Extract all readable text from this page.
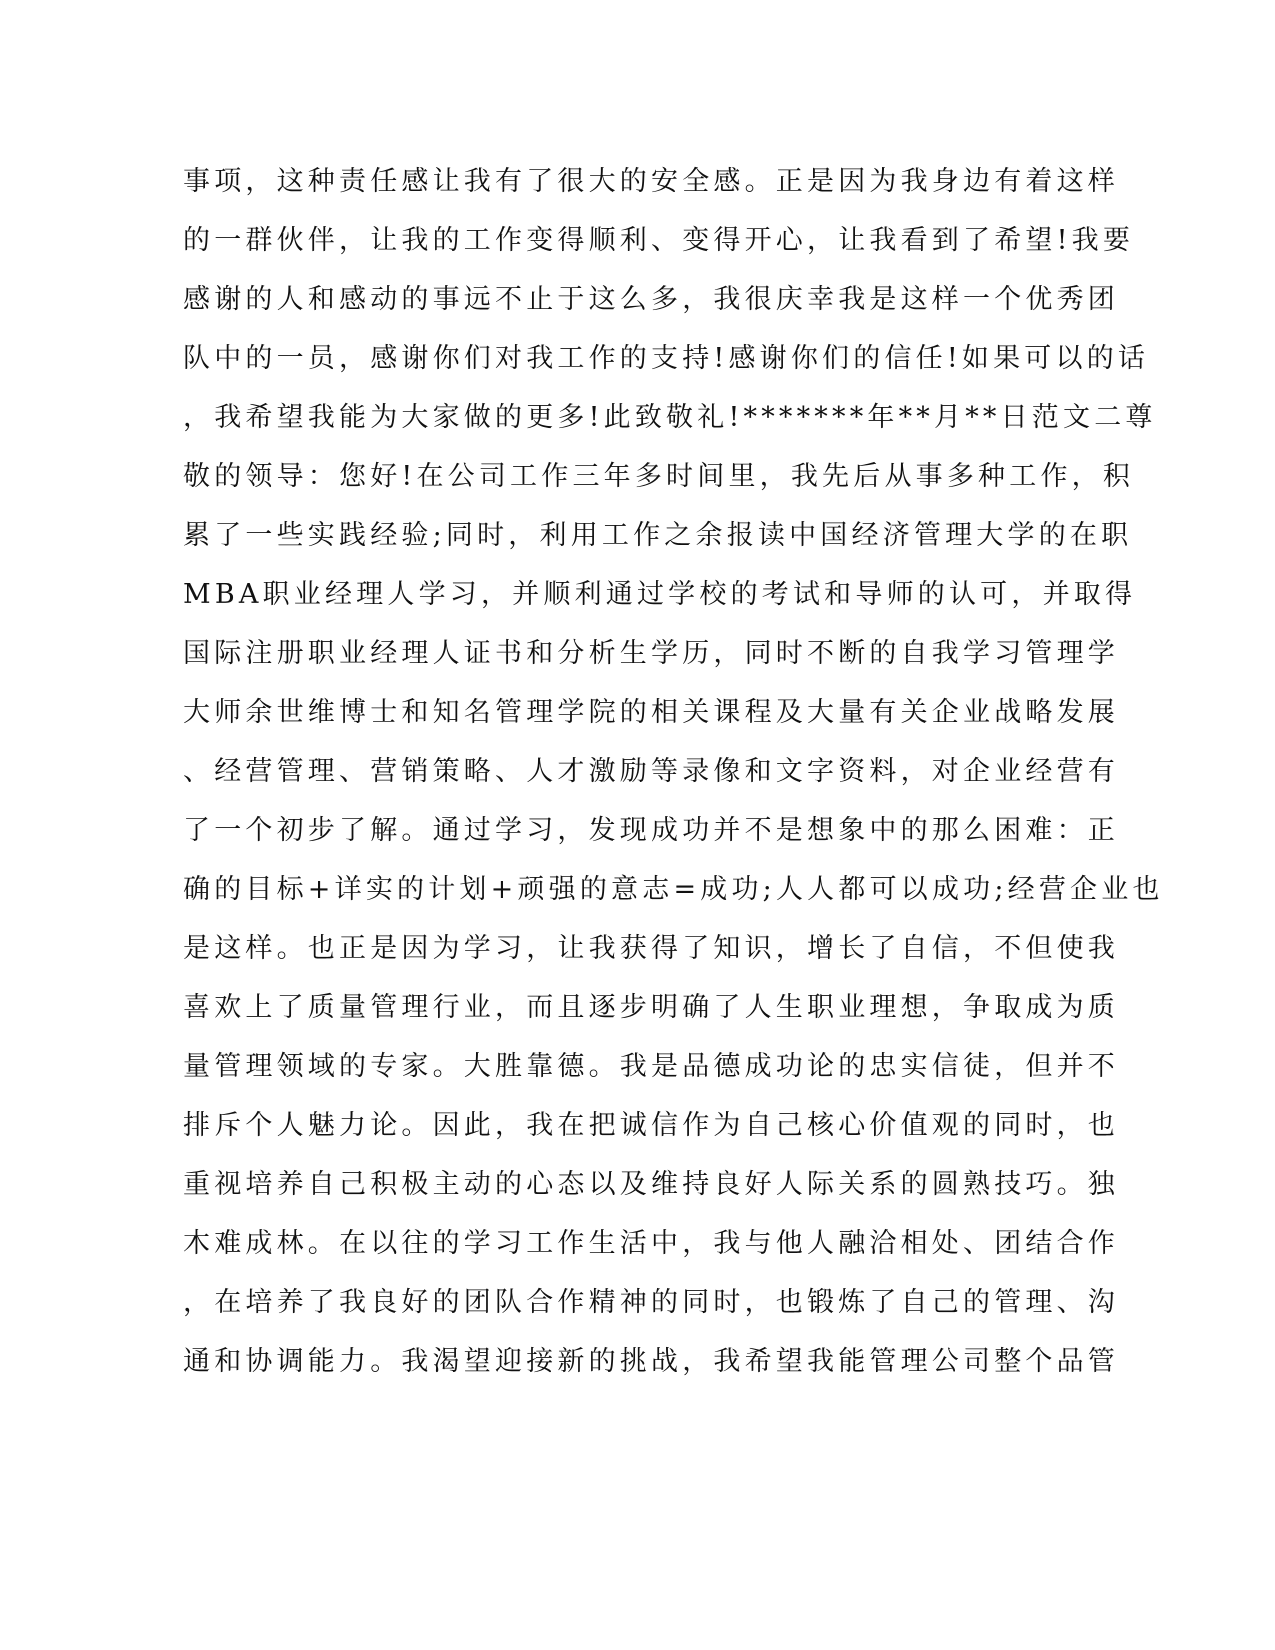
事项，这种责任感让我有了很大的安全感。正是因为我身边有着这样
的一群伙伴，让我的工作变得顺利、变得开心，让我看到了希望!我要
感谢的人和感动的事远不止于这么多，我很庆幸我是这样一个优秀团
队中的一员，感谢你们对我工作的支持!感谢你们的信任!如果可以的话
，我希望我能为大家做的更多!此致敬礼!*******年**月**日范文二尊
敬的领导：您好!在公司工作三年多时间里，我先后从事多种工作，积
累了一些实践经验;同时，利用工作之余报读中国经济管理大学的在职
MBA职业经理人学习，并顺利通过学校的考试和导师的认可，并取得
国际注册职业经理人证书和分析生学历，同时不断的自我学习管理学
大师余世维博士和知名管理学院的相关课程及大量有关企业战略发展
、经营管理、营销策略、人才激励等录像和文字资料，对企业经营有
了一个初步了解。通过学习，发现成功并不是想象中的那么困难：正
确的目标+详实的计划+顽强的意志=成功;人人都可以成功;经营企业也
是这样。也正是因为学习，让我获得了知识，增长了自信，不但使我
喜欢上了质量管理行业，而且逐步明确了人生职业理想，争取成为质
量管理领域的专家。大胜靠德。我是品德成功论的忠实信徒，但并不
排斥个人魅力论。因此，我在把诚信作为自己核心价值观的同时，也
重视培养自己积极主动的心态以及维持良好人际关系的圆熟技巧。独
木难成林。在以往的学习工作生活中，我与他人融洽相处、团结合作
，在培养了我良好的团队合作精神的同时，也锻炼了自己的管理、沟
通和协调能力。我渴望迎接新的挑战，我希望我能管理公司整个品管
